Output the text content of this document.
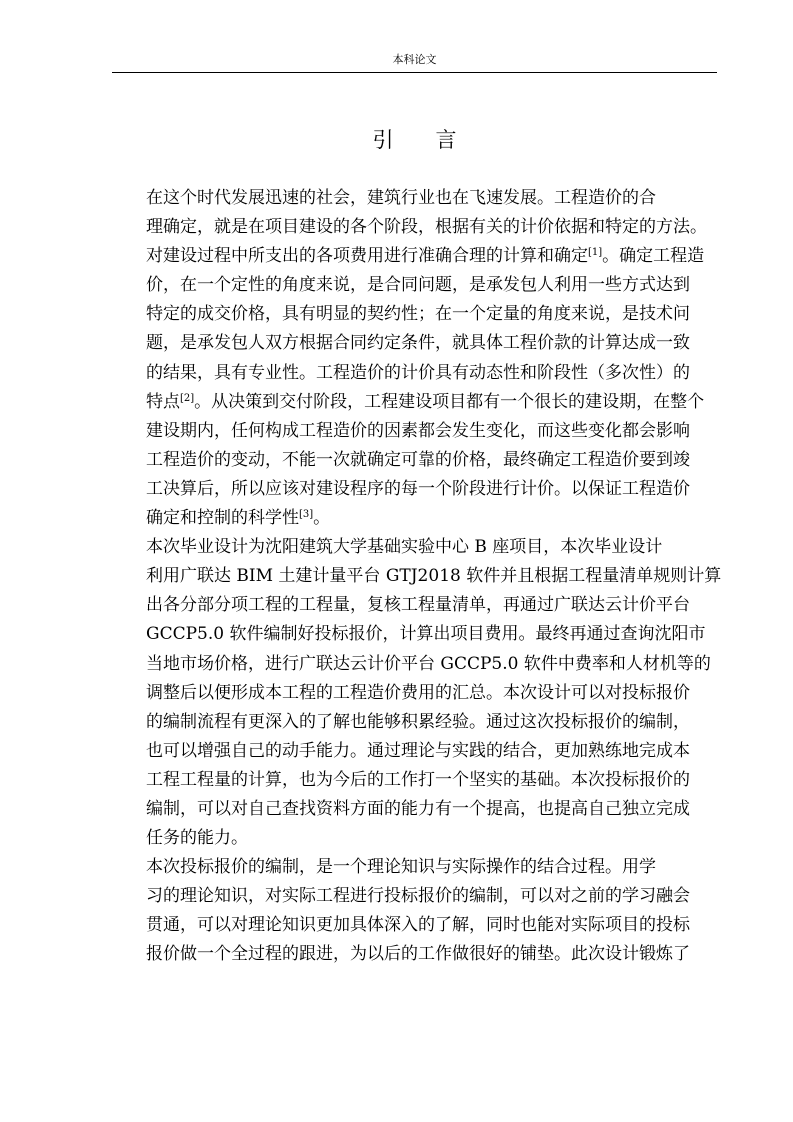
本科论文
引言

在这个时代发展迅速的社会，建筑行业也在飞速发展。工程造价的合
理确定，就是在项目建设的各个阶段，根据有关的计价依据和特定的方法。
对建设过程中所支出的各项费用进行准确合理的计算和确定[1]。确定工程造
价，在一个定性的角度来说，是合同问题，是承发包人利用一些方式达到
特定的成交价格，具有明显的契约性；在一个定量的角度来说，是技术问
题，是承发包人双方根据合同约定条件，就具体工程价款的计算达成一致
的结果，具有专业性。工程造价的计价具有动态性和阶段性（多次性）的
特点[2]。从决策到交付阶段，工程建设项目都有一个很长的建设期，在整个
建设期内，任何构成工程造价的因素都会发生变化，而这些变化都会影响
工程造价的变动，不能一次就确定可靠的价格，最终确定工程造价要到竣
工决算后，所以应该对建设程序的每一个阶段进行计价。以保证工程造价
确定和控制的科学性[3]。

本次毕业设计为沈阳建筑大学基础实验中心 B 座项目，本次毕业设计
利用广联达 BIM 土建计量平台 GTJ2018 软件并且根据工程量清单规则计算
出各分部分项工程的工程量，复核工程量清单，再通过广联达云计价平台
GCCP5.0 软件编制好投标报价，计算出项目费用。最终再通过查询沈阳市
当地市场价格，进行广联达云计价平台 GCCP5.0 软件中费率和人材机等的
调整后以便形成本工程的工程造价费用的汇总。本次设计可以对投标报价
的编制流程有更深入的了解也能够积累经验。通过这次投标报价的编制，
也可以增强自己的动手能力。通过理论与实践的结合，更加熟练地完成本
工程工程量的计算，也为今后的工作打一个坚实的基础。本次投标报价的
编制，可以对自己查找资料方面的能力有一个提高，也提高自己独立完成
任务的能力。

本次投标报价的编制，是一个理论知识与实际操作的结合过程。用学
习的理论知识，对实际工程进行投标报价的编制，可以对之前的学习融会
贯通，可以对理论知识更加具体深入的了解，同时也能对实际项目的投标
报价做一个全过程的跟进，为以后的工作做很好的铺垫。此次设计锻炼了
